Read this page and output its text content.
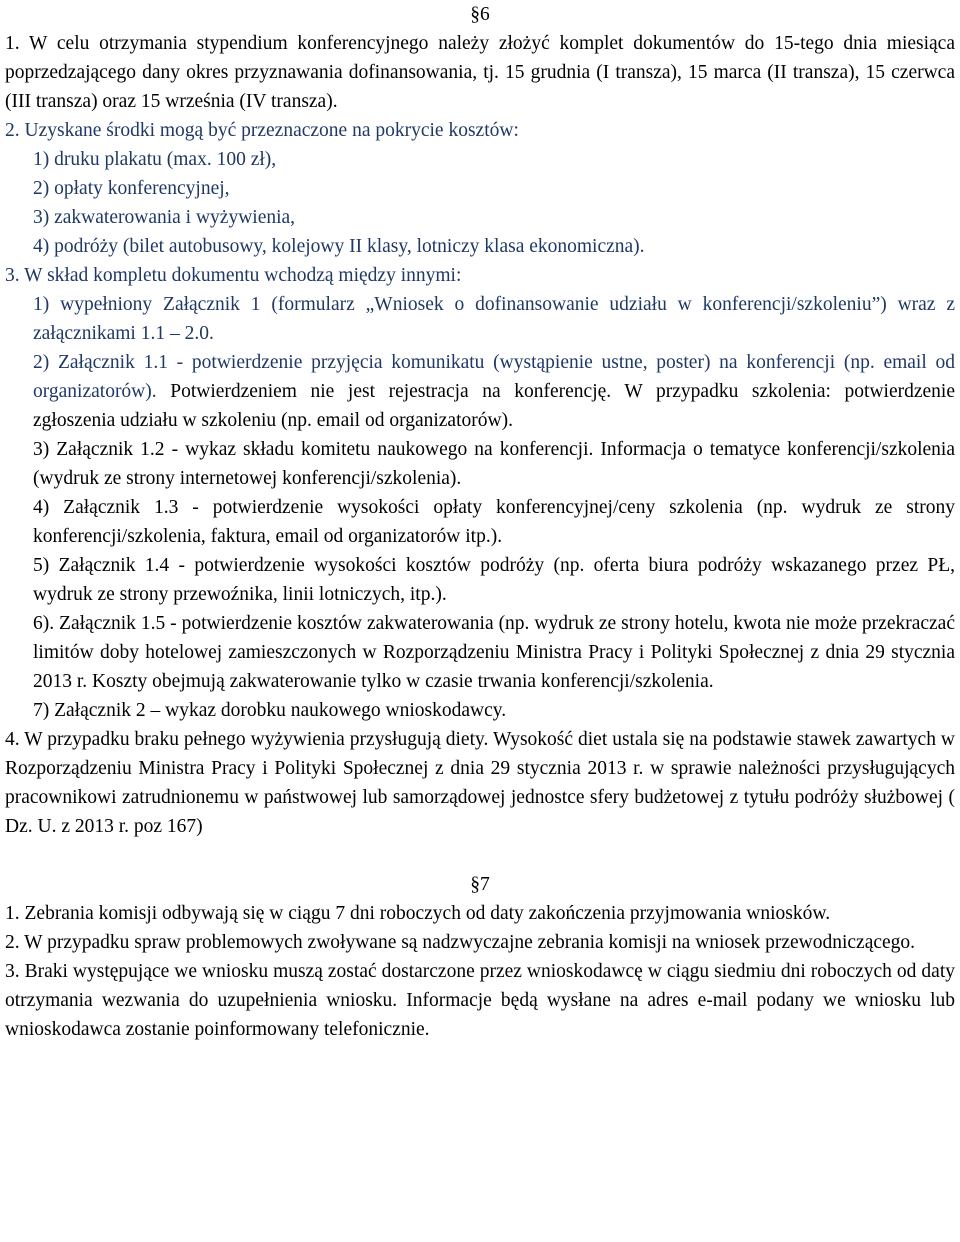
§6

1. W celu otrzymania stypendium konferencyjnego należy złożyć komplet dokumentów do 15-tego dnia miesiąca poprzedzającego dany okres przyznawania dofinansowania, tj. 15 grudnia (I transza), 15 marca (II transza), 15 czerwca (III transza) oraz 15 września (IV transza).

2. Uzyskane środki mogą być przeznaczone na pokrycie kosztów:

1) druku plakatu (max. 100 zł),

2) opłaty konferencyjnej,

3) zakwaterowania i wyżywienia,

4) podróży (bilet autobusowy, kolejowy II klasy, lotniczy klasa ekonomiczna).

3. W skład kompletu dokumentu wchodzą między innymi:

1) wypełniony Załącznik 1 (formularz „Wniosek o dofinansowanie udziału w konferencji/szkoleniu”) wraz z załącznikami 1.1 – 2.0.

2) Załącznik 1.1 - potwierdzenie przyjęcia komunikatu (wystąpienie ustne, poster) na konferencji (np. email od organizatorów). Potwierdzeniem nie jest rejestracja na konferencję. W przypadku szkolenia: potwierdzenie zgłoszenia udziału w szkoleniu (np. email od organizatorów).

3) Załącznik 1.2 - wykaz składu komitetu naukowego na konferencji. Informacja o tematyce konferencji/szkolenia (wydruk ze strony internetowej konferencji/szkolenia).

4) Załącznik 1.3 - potwierdzenie wysokości opłaty konferencyjnej/ceny szkolenia (np. wydruk ze strony konferencji/szkolenia, faktura, email od organizatorów itp.).

5) Załącznik 1.4 - potwierdzenie wysokości kosztów podróży (np. oferta biura podróży wskazanego przez PŁ, wydruk ze strony przewoźnika, linii lotniczych, itp.).

6). Załącznik 1.5 - potwierdzenie kosztów zakwaterowania (np. wydruk ze strony hotelu, kwota nie może przekraczać limitów doby hotelowej zamieszczonych w Rozporządzeniu Ministra Pracy i Polityki Społecznej z dnia 29 stycznia 2013 r. Koszty obejmują zakwaterowanie tylko w czasie trwania konferencji/szkolenia.

7) Załącznik 2 – wykaz dorobku naukowego wnioskodawcy.

4. W przypadku braku pełnego wyżywienia przysługują diety. Wysokość diet ustala się na podstawie stawek zawartych w Rozporządzeniu Ministra Pracy i Polityki Społecznej z dnia 29 stycznia 2013 r. w sprawie należności przysługujących pracownikowi zatrudnionemu w państwowej lub samorządowej jednostce sfery budżetowej z tytułu podróży służbowej ( Dz. U. z 2013 r. poz 167)

§7

1. Zebrania komisji odbywają się w ciągu 7 dni roboczych od daty zakończenia przyjmowania wniosków.

2. W przypadku spraw problemowych zwoływane są nadzwyczajne zebrania komisji na wniosek przewodniczącego.

3. Braki występujące we wniosku muszą zostać dostarczone przez wnioskodawcę w ciągu siedmiu dni roboczych od daty otrzymania wezwania do uzupełnienia wniosku. Informacje będą wysłane na adres e-mail podany we wniosku lub wnioskodawca zostanie poinformowany telefonicznie.
